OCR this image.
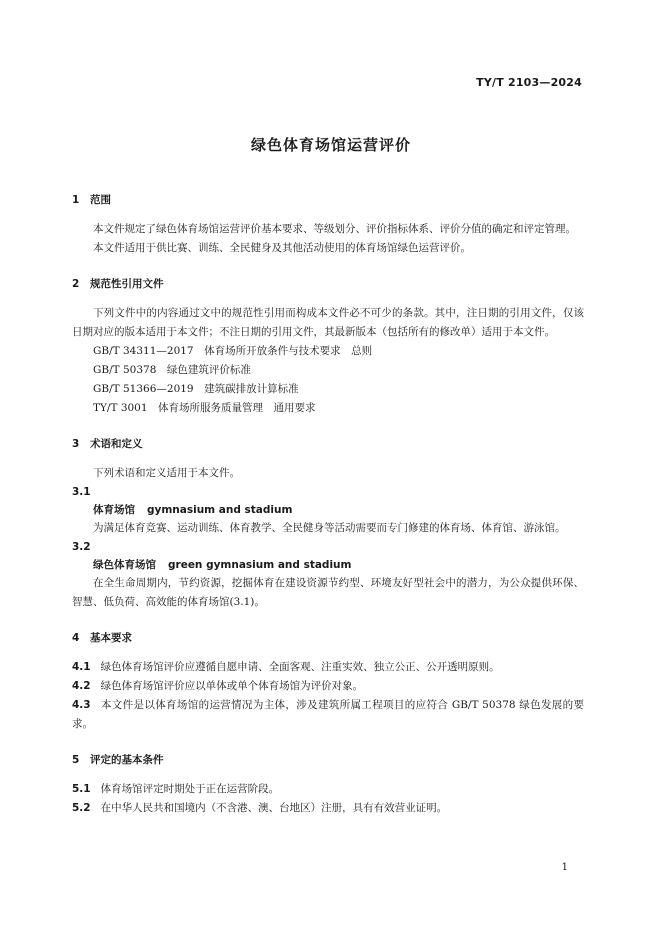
TY/T 2103—2024
绿色体育场馆运营评价

1 范围

本文件规定了绿色体育场馆运营评价基本要求、等级划分、评价指标体系、评价分值的确定和评定管理。

本文件适用于供比赛、训练、全民健身及其他活动使用的体育场馆绿色运营评价。

2 规范性引用文件

下列文件中的内容通过文中的规范性引用而构成本文件必不可少的条款。其中，注日期的引用文件，仅该日期对应的版本适用于本文件；不注日期的引用文件，其最新版本（包括所有的修改单）适用于本文件。

GB/T 34311—2017　体育场所开放条件与技术要求　总则

GB/T 50378　绿色建筑评价标准

GB/T 51366—2019　建筑碳排放计算标准

TY/T 3001　体育场所服务质量管理　通用要求

3 术语和定义

下列术语和定义适用于本文件。

3.1

体育场馆 gymnasium and stadium

为满足体育竞赛、运动训练、体育教学、全民健身等活动需要而专门修建的体育场、体育馆、游泳馆。

3.2

绿色体育场馆 green gymnasium and stadium

在全生命周期内，节约资源，挖掘体育在建设资源节约型、环境友好型社会中的潜力，为公众提供环保、智慧、低负荷、高效能的体育场馆(3.1)。

4 基本要求

4.1 绿色体育场馆评价应遵循自愿申请、全面客观、注重实效、独立公正、公开透明原则。

4.2 绿色体育场馆评价应以单体或单个体育场馆为评价对象。

4.3 本文件是以体育场馆的运营情况为主体，涉及建筑所属工程项目的应符合 GB/T 50378 绿色发展的要求。

5 评定的基本条件

5.1 体育场馆评定时期处于正在运营阶段。

5.2 在中华人民共和国境内（不含港、澳、台地区）注册，具有有效营业证明。

1
